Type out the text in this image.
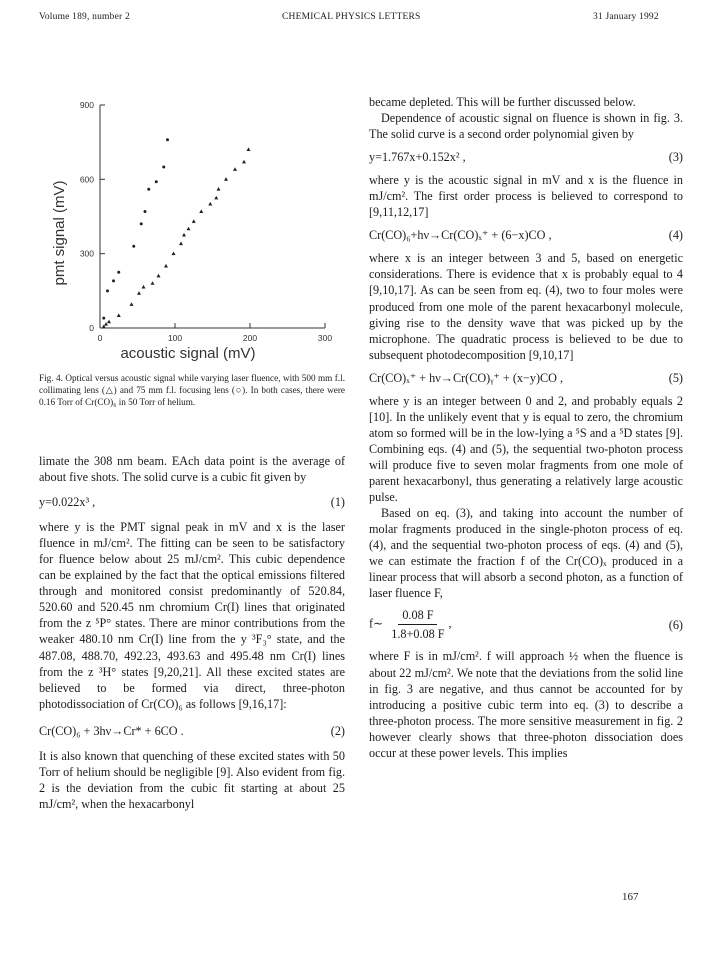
Volume 189, number 2	CHEMICAL PHYSICS LETTERS	31 January 1992
0	100	200	300
0
300
600
900
acoustic signal (mV)
pmt signal (mV)
Fig. 4. Optical versus acoustic signal while varying laser fluence, with 500 mm f.l. collimating lens (△) and 75 mm f.l. focusing lens (○). In both cases, there were 0.16 Torr of Cr(CO)₆ in 50 Torr of helium.

limate the 308 nm beam. EAch data point is the average of about five shots. The solid curve is a cubic fit given by

y=0.022x³ ,	(1)

where y is the PMT signal peak in mV and x is the laser fluence in mJ/cm². The fitting can be seen to be satisfactory for fluence below about 25 mJ/cm². This cubic dependence can be explained by the fact that the optical emissions filtered through and monitored consist predominantly of 520.84, 520.60 and 520.45 nm chromium Cr(I) lines that originated from the z ⁵P° states. There are minor contributions from the weaker 480.10 nm Cr(I) line from the y ³F₃° state, and the 487.08, 488.70, 492.23, 493.63 and 495.48 nm Cr(I) lines from the z ³H° states [9,20,21]. All these excited states are believed to be formed via direct, three-photon photodissociation of Cr(CO)₆ as follows [9,16,17]:

Cr(CO)₆ + 3hν→Cr* + 6CO .	(2)

It is also known that quenching of these excited states with 50 Torr of helium should be negligible [9]. Also evident from fig. 2 is the deviation from the cubic fit starting at about 25 mJ/cm², when the hexacarbonyl

became depleted. This will be further discussed below.

Dependence of acoustic signal on fluence is shown in fig. 3. The solid curve is a second order polynomial given by

y=1.767x+0.152x² ,	(3)

where y is the acoustic signal in mV and x is the fluence in mJ/cm². The first order process is believed to correspond to [9,11,12,17]

Cr(CO)₆+hν→Cr(CO)ₓ⁺ + (6−x)CO ,	(4)

where x is an integer between 3 and 5, based on energetic considerations. There is evidence that x is probably equal to 4 [9,10,17]. As can be seen from eq. (4), two to four moles were produced from one mole of the parent hexacarbonyl molecule, giving rise to the density wave that was picked up by the microphone. The quadratic process is believed to be due to subsequent photodecomposition [9,10,17]

Cr(CO)ₓ⁺ + hν→Cr(CO)ᵧ⁺ + (x−y)CO ,	(5)

where y is an integer between 0 and 2, and probably equals 2 [10]. In the unlikely event that y is equal to zero, the chromium atom so formed will be in the low-lying a ⁵S and a ⁵D states [9]. Combining eqs. (4) and (5), the sequential two-photon process will produce five to seven molar fragments from one mole of parent hexacarbonyl, thus generating a relatively large acoustic pulse.

Based on eq. (3), and taking into account the number of molar fragments produced in the single-photon process of eq. (4), and the sequential two-photon process of eqs. (4) and (5), we can estimate the fraction f of the Cr(CO)ₓ produced in a linear process that will absorb a second photon, as a function of laser fluence F,

f∼ $\frac{0.08 F}{1.8+0.08 F}$ ,	(6)

where F is in mJ/cm². f will approach ½ when the fluence is about 22 mJ/cm². We note that the deviations from the solid line in fig. 3 are negative, and thus cannot be accounted for by introducing a positive cubic term into eq. (3) to describe a three-photon process. The more sensitive measurement in fig. 2 however clearly shows that three-photon dissociation does occur at these power levels. This implies

167
